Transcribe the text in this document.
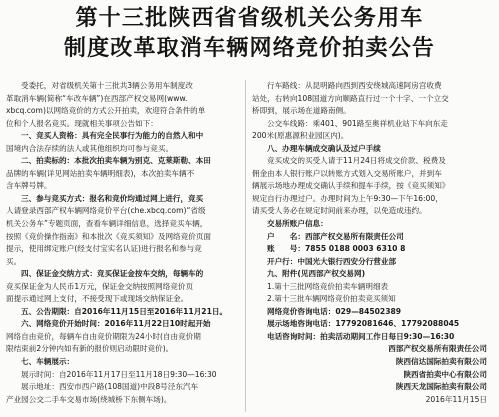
第十三批陕西省省级机关公务用车
制度改革取消车辆网络竞价拍卖公告
受委托，对省级机关第十三批共3辆公务用车制度改
革取消车辆(简称“车改车辆”)在西部产权交易网(www.
xbcq.com)以网络竞价的方式公开拍卖，欢迎符合条件的单
位和个人报名竞买。现就相关事项公告如下：
一、竞买人资格：具有完全民事行为能力的自然人和中
国境内合法存续的法人或其他组织均可参与竞买。
二、拍卖标的：本批次拍卖车辆为别克、克莱斯勒、本田
品牌的车辆(详见网站拍卖车辆明细表)，本次拍卖车辆不
含车牌号牌。
三、参与竞买方式：报名和竞价均通过网上进行，竞买
人请登录西部产权车辆网络竞价平台(che.xbcq.com)“省级
机关公务车”专题页面，查看车辆详细信息，选择竞买车辆，
按照《竞价操作指南》和本批次《竞买须知》及网络竞价页面
提示，使用绑定账户(经支付宝实名认证)进行报名和参与竞
买。
四、保证金交纳方式：竞买保证金按车交纳，每辆车的
竞买保证金为人民币1万元，保证金交纳按照网络竞价页
面提示通过网上支付，不接受现下或现场交纳保证金。
五、公告期限：自2016年11月15日至2016年11月21日。
六、网络竞价开始时间：2016年11月22日10时起开始
网络自由竞价，每辆车自由竞价期限为24小时(自由竞价期
限结束前2分钟内如有新的报价则启动限时竞价)。
七、车辆展示：
展示时间：自2016年11月17日至11月18日9:30—16:30
展示地址：西安市西户路(108国道)中段8号泾东汽车
产业园公交二手车交易市场(绕城桥下东侧车场)。
行车路线：从昆明路向西到西安绕城高速阿房宫收费
站处，右转向108国道方向顺路直行过一个十字、一个立交
桥即到，展示场在道路南侧。
公交车线路：乘401、901路至奥祥机业站下车向东走
200米(原惠源积业园区内)。
八、办理车辆成交确认及过户手续
竞买成交的买受人请于11月24日将成交价款、税费及
佣金由本人银行账户以转账方式划入交易所账户，并到车
辆展示场地办理成交确认手续和提车手续，按《竞买须知》
规定自行办理过户。办理时间为上午9:30—下午16:00，
请买受人务必在规定时间前来办理，以免造成违约。
交易所账户信息：
户　　名：西部产权交易所有限责任公司
账　　号：7855 0188 0003 6310 8
开户行：中国光大银行西安分行营业部
九、附件(见西部产权交易网)
1.第十三批网络竞价拍卖车辆明细表
2.第十三批车辆网络竞价拍卖竞买须知
网络竞价咨询电话：029—84502389
展示场地咨询电话：17792081646、17792088045
电话咨询时间：拍卖活动期间工作日每日9:30—16:30
西部产权交易所有限责任公司
陕西信达国际拍卖有限公司
陕西省拍卖中心有限公司
陕西天龙国际拍卖有限公司
2016年11月15日
